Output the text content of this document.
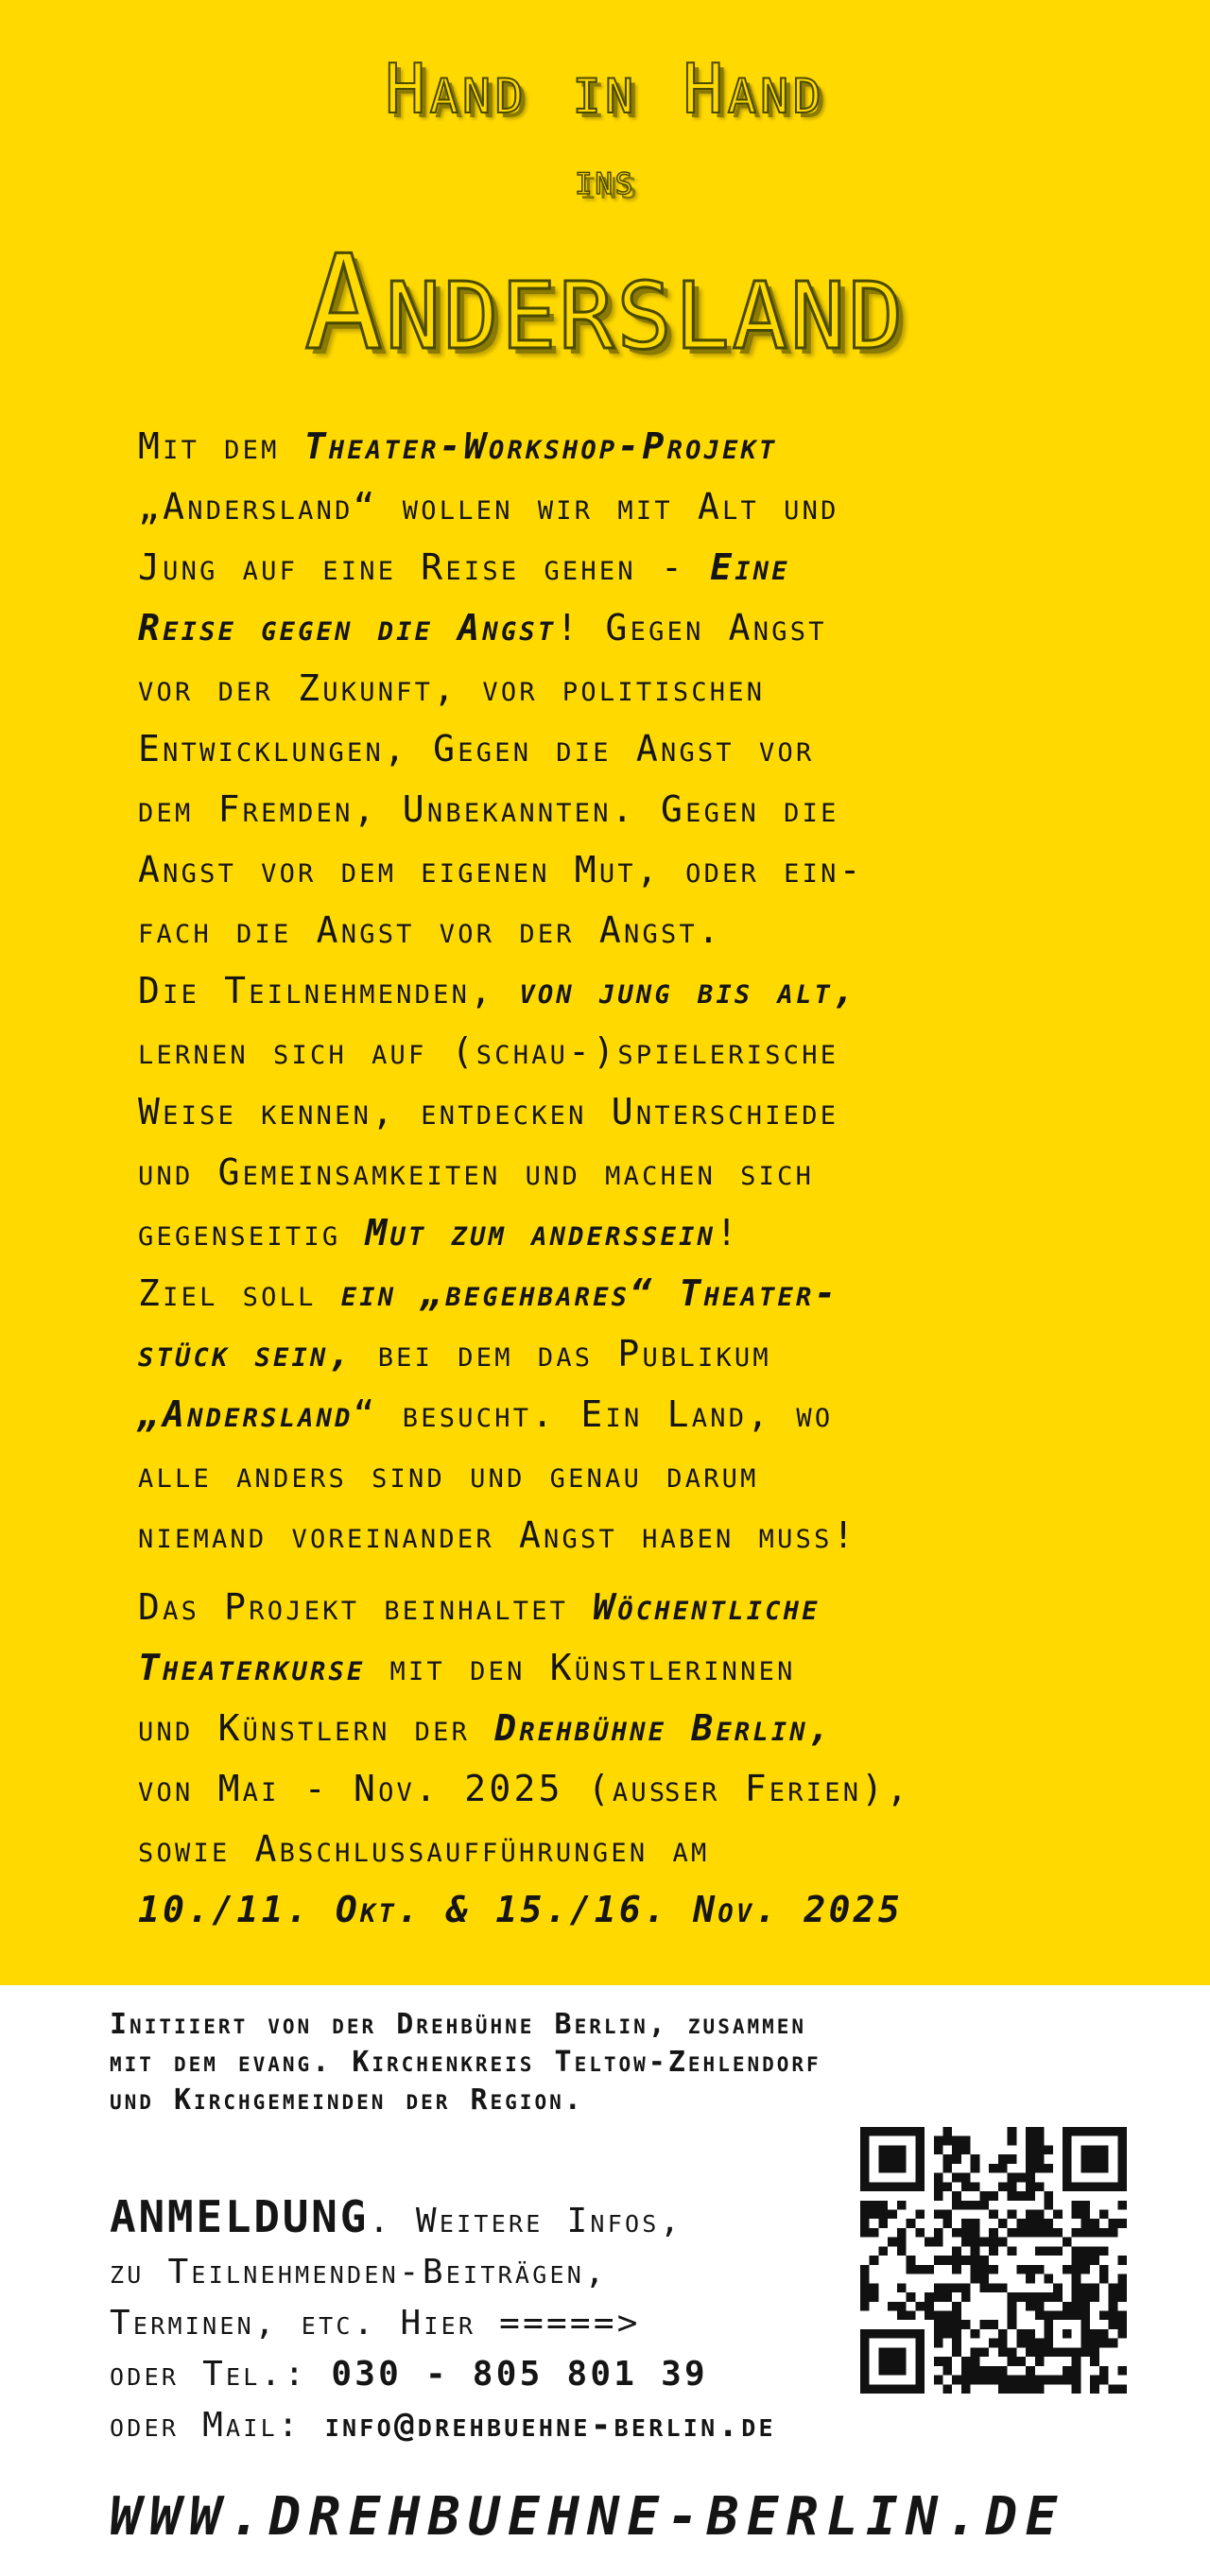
Hand in Hand
ins
Andersland

Mit dem Theater-Workshop-Projekt
„Andersland“ wollen wir mit Alt und
Jung auf eine Reise gehen - Eine
Reise gegen die Angst! Gegen Angst
vor der Zukunft, vor politischen
Entwicklungen, Gegen die Angst vor
dem Fremden, Unbekannten. Gegen die
Angst vor dem eigenen Mut, oder ein-
fach die Angst vor der Angst.
Die Teilnehmenden, von jung bis alt,
lernen sich auf (schau-)spielerische
Weise kennen, entdecken Unterschiede
und Gemeinsamkeiten und machen sich
gegenseitig Mut zum anderssein!
Ziel soll ein „begehbares“ Theater-
stück sein, bei dem das Publikum
„Andersland“ besucht. Ein Land, wo
alle anders sind und genau darum
niemand voreinander Angst haben muss!

Das Projekt beinhaltet Wöchentliche
Theaterkurse mit den Künstlerinnen
und Künstlern der Drehbühne Berlin,
von Mai - Nov. 2025 (außer Ferien),
sowie Abschlussaufführungen am
10./11. Okt. & 15./16. Nov. 2025

Initiiert von der Drehbühne Berlin, zusammen
mit dem evang. Kirchenkreis Teltow-Zehlendorf
und Kirchgemeinden der Region.
ANMELDUNG. Weitere Infos,
zu Teilnehmenden-Beiträgen,
Terminen, etc. Hier =====>
oder Tel.: 030 - 805 801 39
oder Mail: info@drehbuehne-berlin.de
WWW.DREHBUEHNE-BERLIN.DE
